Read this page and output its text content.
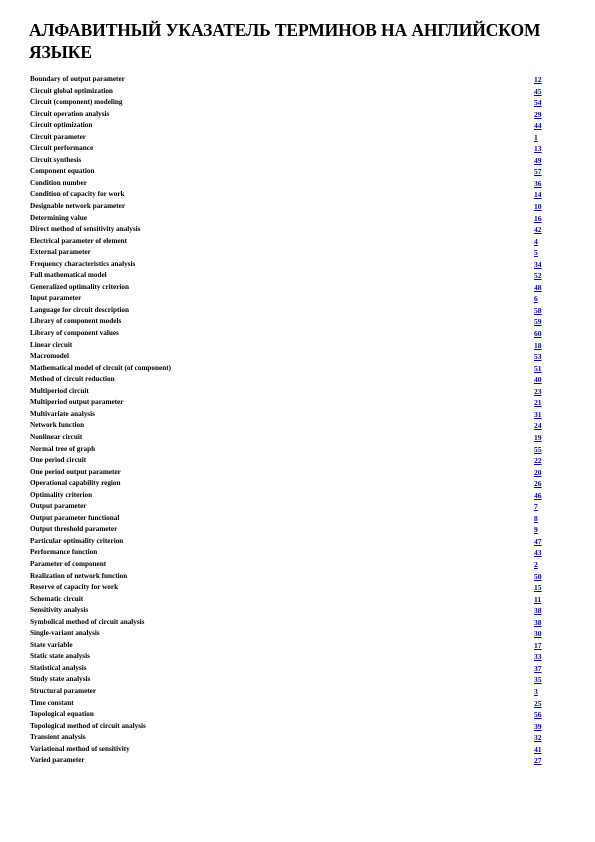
АЛФАВИТНЫЙ УКАЗАТЕЛЬ ТЕРМИНОВ НА АНГЛИЙСКОМ ЯЗЫКЕ
Boundary of output parameter	12
Circuit global optimization	45
Circuit (component) modeling	54
Circuit operation analysis	29
Circuit optimization	44
Circuit parameter	1
Circuit performance	13
Circuit synthesis	49
Component equation	57
Condition number	36
Condition of capacity for work	14
Designable network parameter	10
Determining value	16
Direct method of sensitivity analysis	42
Electrical parameter of element	4
External parameter	5
Frequency characteristics analysis	34
Full mathematical model	52
Generalized optimality criterion	48
Input parameter	6
Language for circuit description	58
Library of component models	59
Library of component values	60
Linear circuit	18
Macromodel	53
Mathematical model of circuit (of component)	51
Method of circuit reduction	40
Multiperiod circuit	23
Multiperiod output parameter	21
Multivariate analysis	31
Network function	24
Nonlinear circuit	19
Normal tree of graph	55
One period circuit	22
One period output parameter	20
Operational capability region	26
Optimality criterion	46
Output parameter	7
Output parameter functional	8
Output threshold parameter	9
Particular optimality criterion	47
Performance function	43
Parameter of component	2
Realization of network function	50
Reserve of capacity for work	15
Schematic circuit	11
Sensitivity analysis	38
Symbolical method of circuit analysis	38
Single-variant analysis	30
State variable	17
Static state analysis	33
Statistical analysis	37
Study state analysis	35
Structural parameter	3
Time constant	25
Topological equation	56
Topological method of circuit analysis	39
Transient analysis	32
Variational method of sensitivity	41
Varied parameter	27
